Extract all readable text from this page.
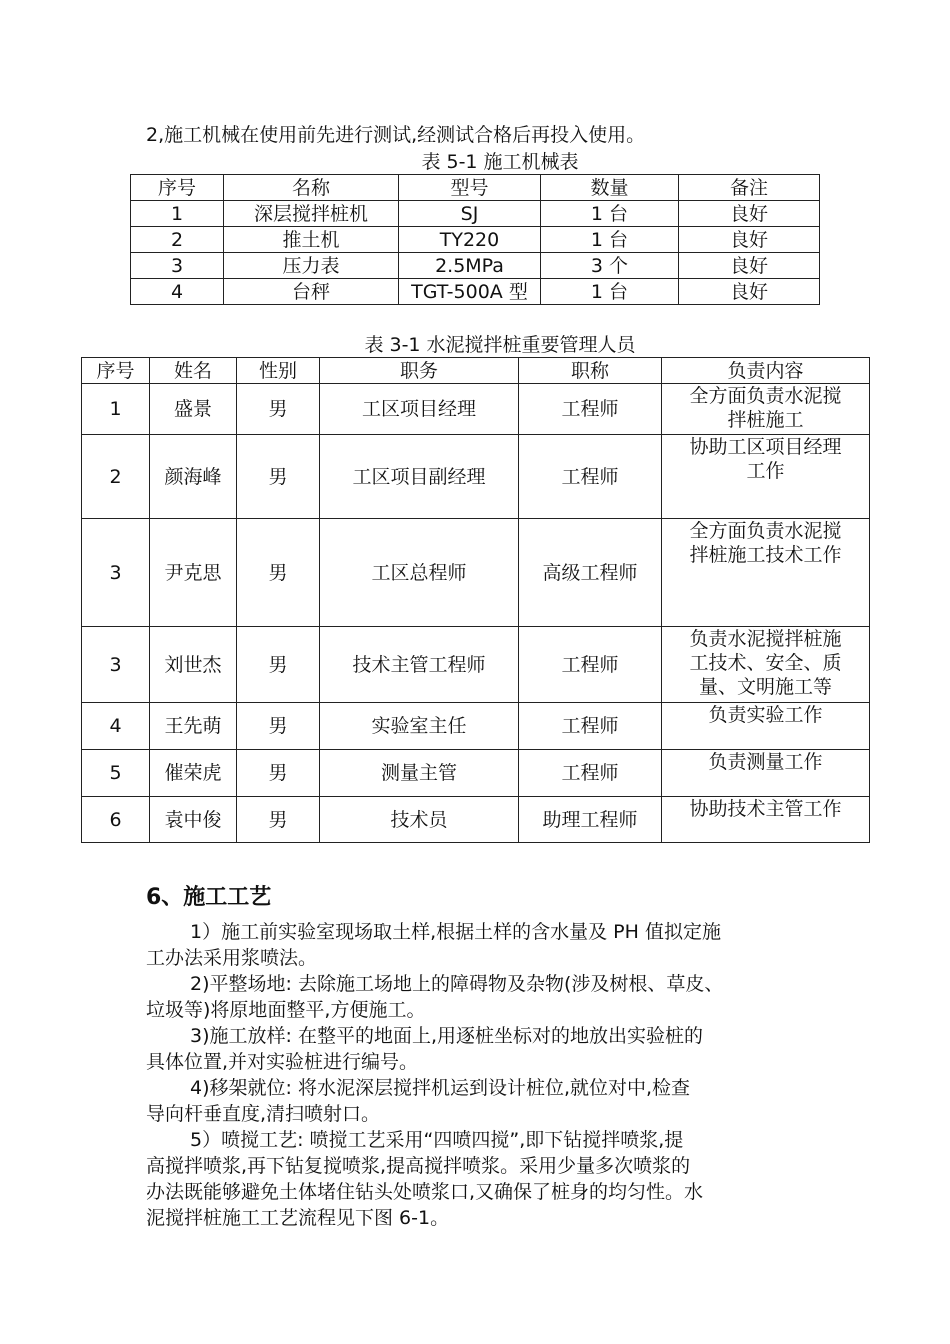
2,施工机械在使用前先进行测试,经测试合格后再投入使用。
表 5-1 施工机械表
序号	名称	型号	数量	备注
1	深层搅拌桩机	SJ	1 台	良好
2	推土机	TY220	1 台	良好
3	压力表	2.5MPa	3 个	良好
4	台秤	TGT-500A 型	1 台	良好
表 3-1 水泥搅拌桩重要管理人员
序号	姓名	性别	职务	职称	负责内容
1	盛景	男	工区项目经理	工程师	全方面负责水泥搅
拌桩施工

2	颜海峰	男	工区项目副经理	工程师	协助工区项目经理
工作

3	尹克思	男	工区总程师	高级工程师	全方面负责水泥搅
拌桩施工技术工作

3	刘世杰	男	技术主管工程师	工程师	负责水泥搅拌桩施
工技术、安全、质
量、文明施工等

4	王先萌	男	实验室主任	工程师	负责实验工作

5	催荣虎	男	测量主管	工程师	负责测量工作

6	袁中俊	男	技术员	助理工程师	协助技术主管工作
6、施工工艺
1）施工前实验室现场取土样,根据土样的含水量及 PH 值拟定施
工办法采用浆喷法。
2)平整场地: 去除施工场地上的障碍物及杂物(涉及树根、草皮、
垃圾等)将原地面整平,方便施工。
3)施工放样: 在整平的地面上,用逐桩坐标对的地放出实验桩的
具体位置,并对实验桩进行编号。
4)移架就位: 将水泥深层搅拌机运到设计桩位,就位对中,检查
导向杆垂直度,清扫喷射口。
5）喷搅工艺: 喷搅工艺采用“四喷四搅”,即下钻搅拌喷浆,提
高搅拌喷浆,再下钻复搅喷浆,提高搅拌喷浆。采用少量多次喷浆的
办法既能够避免土体堵住钻头处喷浆口,又确保了桩身的均匀性。水
泥搅拌桩施工工艺流程见下图 6-1。
